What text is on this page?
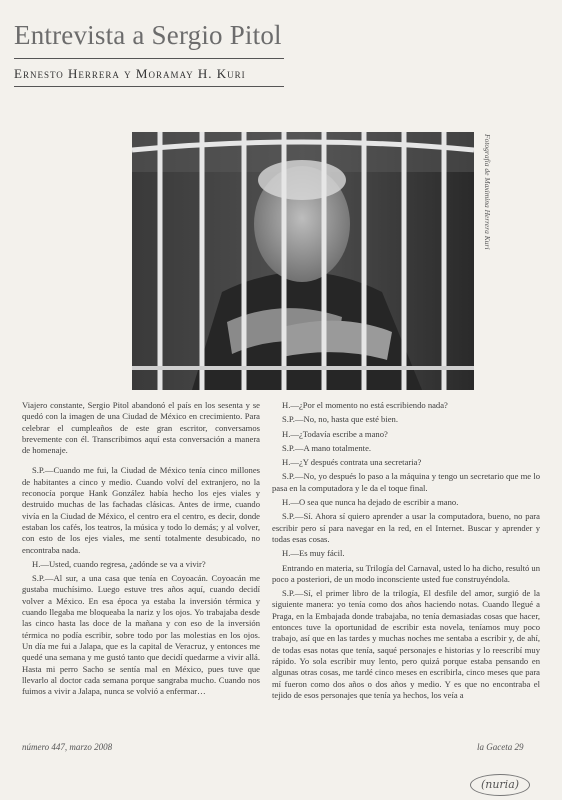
Entrevista a Sergio Pitol
Ernesto Herrera y Moramay H. Kuri
Fotografía de Maximina Herrera Kuri

Viajero constante, Sergio Pitol abandonó el país en los sesenta y se quedó con la imagen de una Ciudad de México en crecimiento. Para celebrar el cumpleaños de este gran escritor, conversamos brevemente con él. Transcribimos aquí esta conversación a manera de homenaje.

S.P.—Cuando me fui, la Ciudad de México tenía cinco millones de habitantes a cinco y medio. Cuando volví del extranjero, no la reconocía porque Hank González había hecho los ejes viales y destruido muchas de las fachadas clásicas. Antes de irme, cuando vivía en la Ciudad de México, el centro era el centro, es decir, donde estaban los cafés, los teatros, la música y todo lo demás; y al volver, con esto de los ejes viales, me sentí totalmente desubicado, no encontraba nada.

H.—Usted, cuando regresa, ¿adónde se va a vivir?

S.P.—Al sur, a una casa que tenía en Coyoacán. Coyoacán me gustaba muchísimo. Luego estuve tres años aquí, cuando decidí volver a México. En esa época ya estaba la inversión térmica y cuando llegaba me bloqueaba la nariz y los ojos. Yo trabajaba desde las cinco hasta las doce de la mañana y con eso de la inversión térmica no podía escribir, sobre todo por las molestias en los ojos. Un día me fui a Jalapa, que es la capital de Veracruz, y entonces me quedé una semana y me gustó tanto que decidí quedarme a vivir allá. Hasta mi perro Sacho se sentía mal en México, pues tuve que llevarlo al doctor cada semana porque sangraba mucho. Cuando nos fuimos a vivir a Jalapa, nunca se volvió a enfermar…

H.—¿Por el momento no está escribiendo nada?

S.P.—No, no, hasta que esté bien.

H.—¿Todavía escribe a mano?

S.P.—A mano totalmente.

H.—¿Y después contrata una secretaria?

S.P.—No, yo después lo paso a la máquina y tengo un secretario que me lo pasa en la computadora y le da el toque final.

H.—O sea que nunca ha dejado de escribir a mano.

S.P.—Sí. Ahora sí quiero aprender a usar la computadora, bueno, no para escribir pero sí para navegar en la red, en el Internet. Buscar y aprender y todas esas cosas.

H.—Es muy fácil.

Entrando en materia, su Trilogía del Carnaval, usted lo ha dicho, resultó un poco a posteriori, de un modo inconsciente usted fue construyéndola.

S.P.—Sí, el primer libro de la trilogía, El desfile del amor, surgió de la siguiente manera: yo tenía como dos años haciendo notas. Cuando llegué a Praga, en la Embajada donde trabajaba, no tenía demasiadas cosas que hacer, entonces tuve la oportunidad de escribir esta novela, teníamos muy poco trabajo, así que en las tardes y muchas noches me sentaba a escribir y, de ahí, de todas esas notas que tenía, saqué personajes e historias y lo reescribí muy rápido. Yo sola escribir muy lento, pero quizá porque estaba pensando en algunas otras cosas, me tardé cinco meses en escribirla, cinco meses que para mí fueron como dos años o dos años y medio. Y es que no encontraba el tejido de esos personajes que tenía ya hechos, los veía a

número 447, marzo 2008	la Gaceta 29
(nuria)
